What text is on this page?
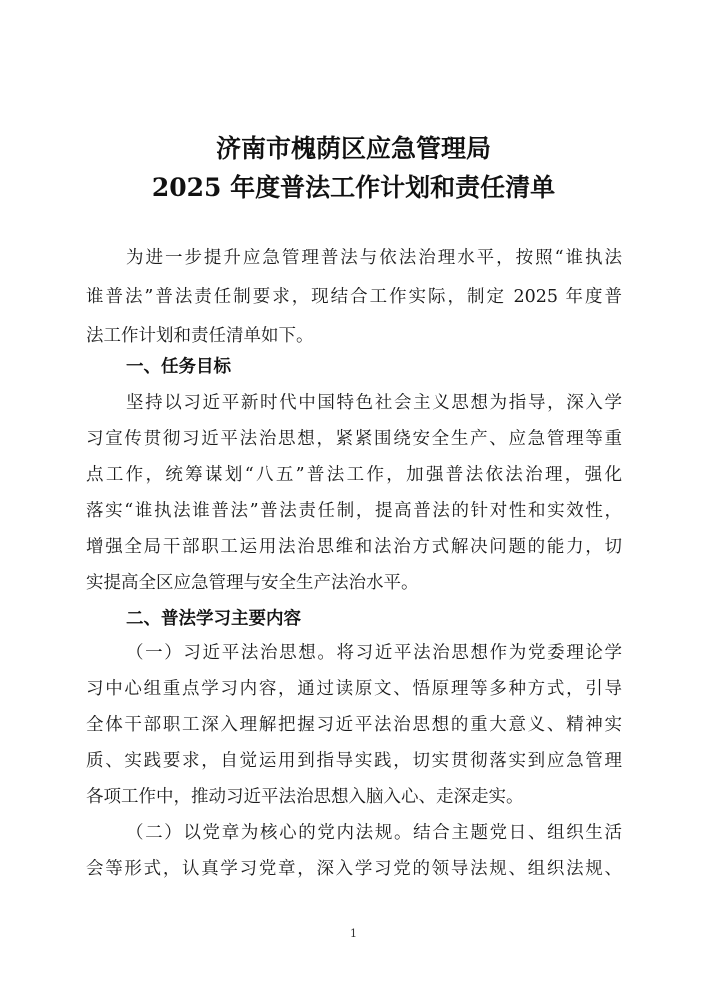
济南市槐荫区应急管理局
2025 年度普法工作计划和责任清单
为进一步提升应急管理普法与依法治理水平，按照“谁执法
谁普法”普法责任制要求，现结合工作实际，制定 2025 年度普
法工作计划和责任清单如下。
一、任务目标
坚持以习近平新时代中国特色社会主义思想为指导，深入学
习宣传贯彻习近平法治思想，紧紧围绕安全生产、应急管理等重
点工作，统筹谋划“八五”普法工作，加强普法依法治理，强化
落实“谁执法谁普法”普法责任制，提高普法的针对性和实效性，
增强全局干部职工运用法治思维和法治方式解决问题的能力，切
实提高全区应急管理与安全生产法治水平。
二、普法学习主要内容
（一）习近平法治思想。将习近平法治思想作为党委理论学
习中心组重点学习内容，通过读原文、悟原理等多种方式，引导
全体干部职工深入理解把握习近平法治思想的重大意义、精神实
质、实践要求，自觉运用到指导实践，切实贯彻落实到应急管理
各项工作中，推动习近平法治思想入脑入心、走深走实。
（二）以党章为核心的党内法规。结合主题党日、组织生活
会等形式，认真学习党章，深入学习党的领导法规、组织法规、
1
